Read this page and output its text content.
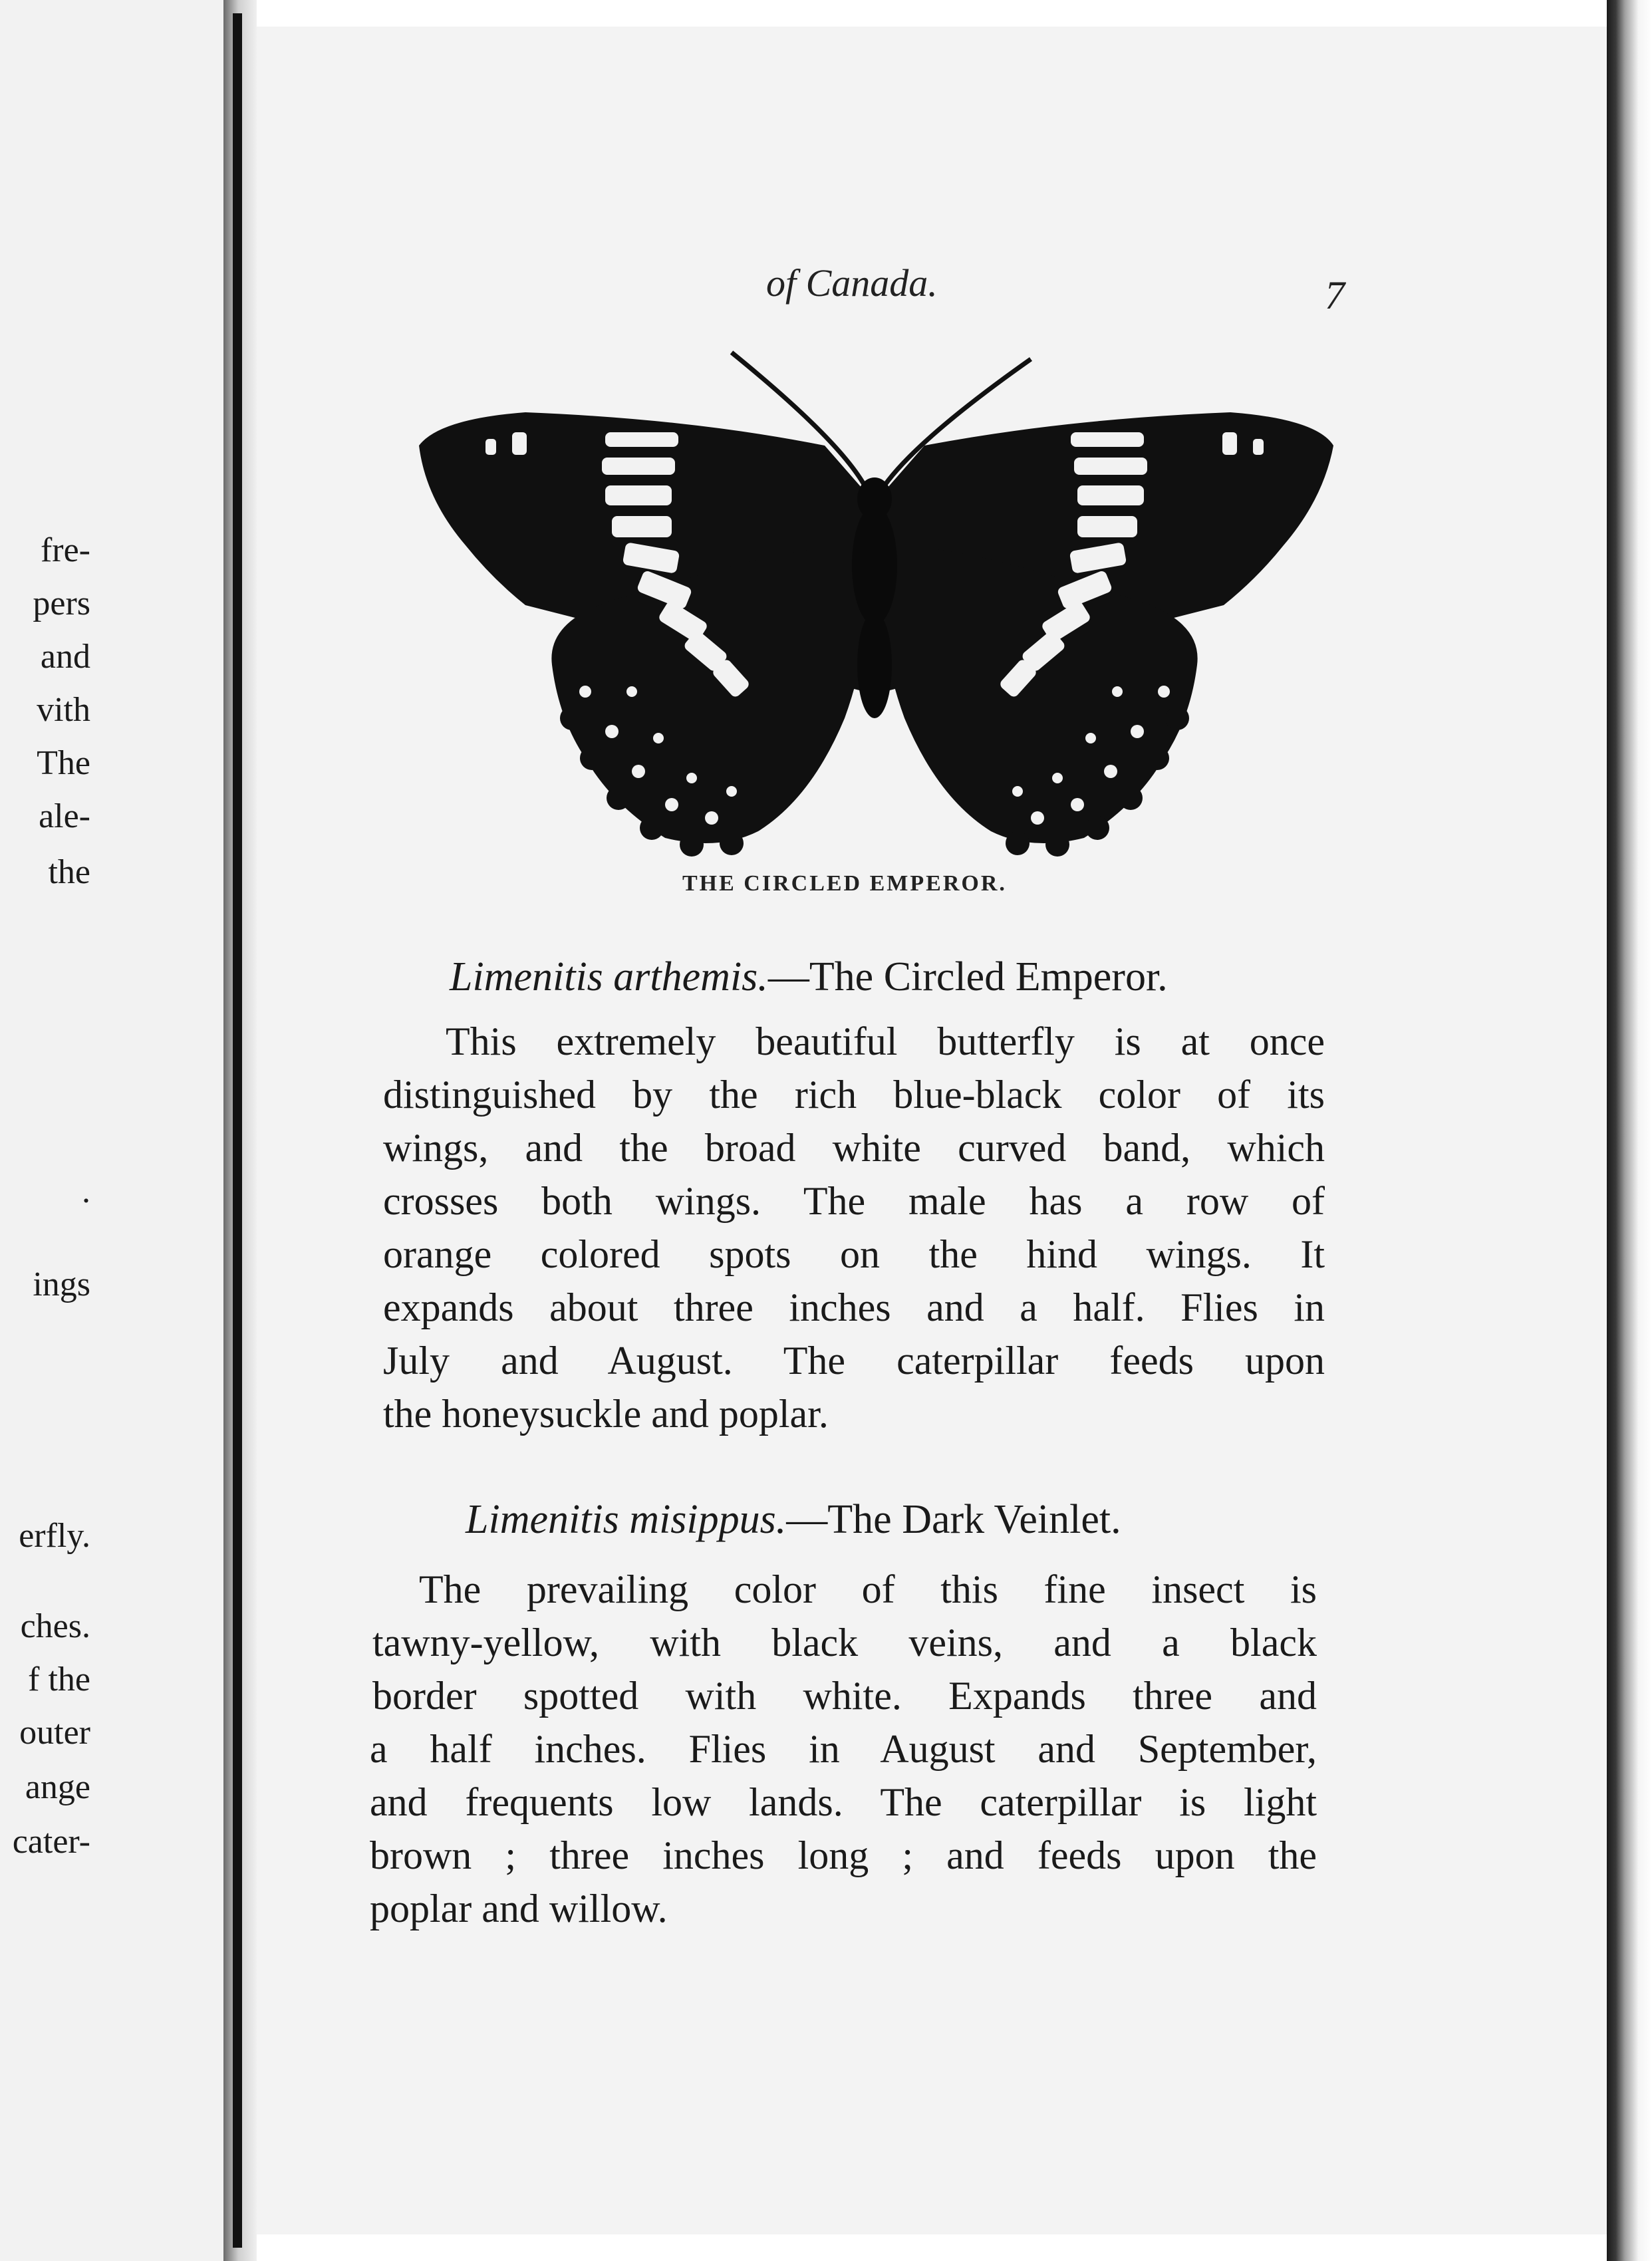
fre-
pers
and
vith
The
ale-
the
.
ings
erfly.
ches.
f the
outer
ange
cater-
of Canada.	7
THE CIRCLED EMPEROR.
Limenitis arthemis.—The Circled Emperor.
This extremely beautiful butterfly is at once
distinguished by the rich blue-black color of its
wings, and the broad white curved band, which
crosses both wings. The male has a row of
orange colored spots on the hind wings. It
expands about three inches and a half. Flies in
July and August. The caterpillar feeds upon
the honeysuckle and poplar.
Limenitis misippus.—The Dark Veinlet.
The prevailing color of this fine insect is
tawny-yellow, with black veins, and a black
border spotted with white. Expands three and
a half inches. Flies in August and September,
and frequents low lands. The caterpillar is light
brown ; three inches long ; and feeds upon the
poplar and willow.
